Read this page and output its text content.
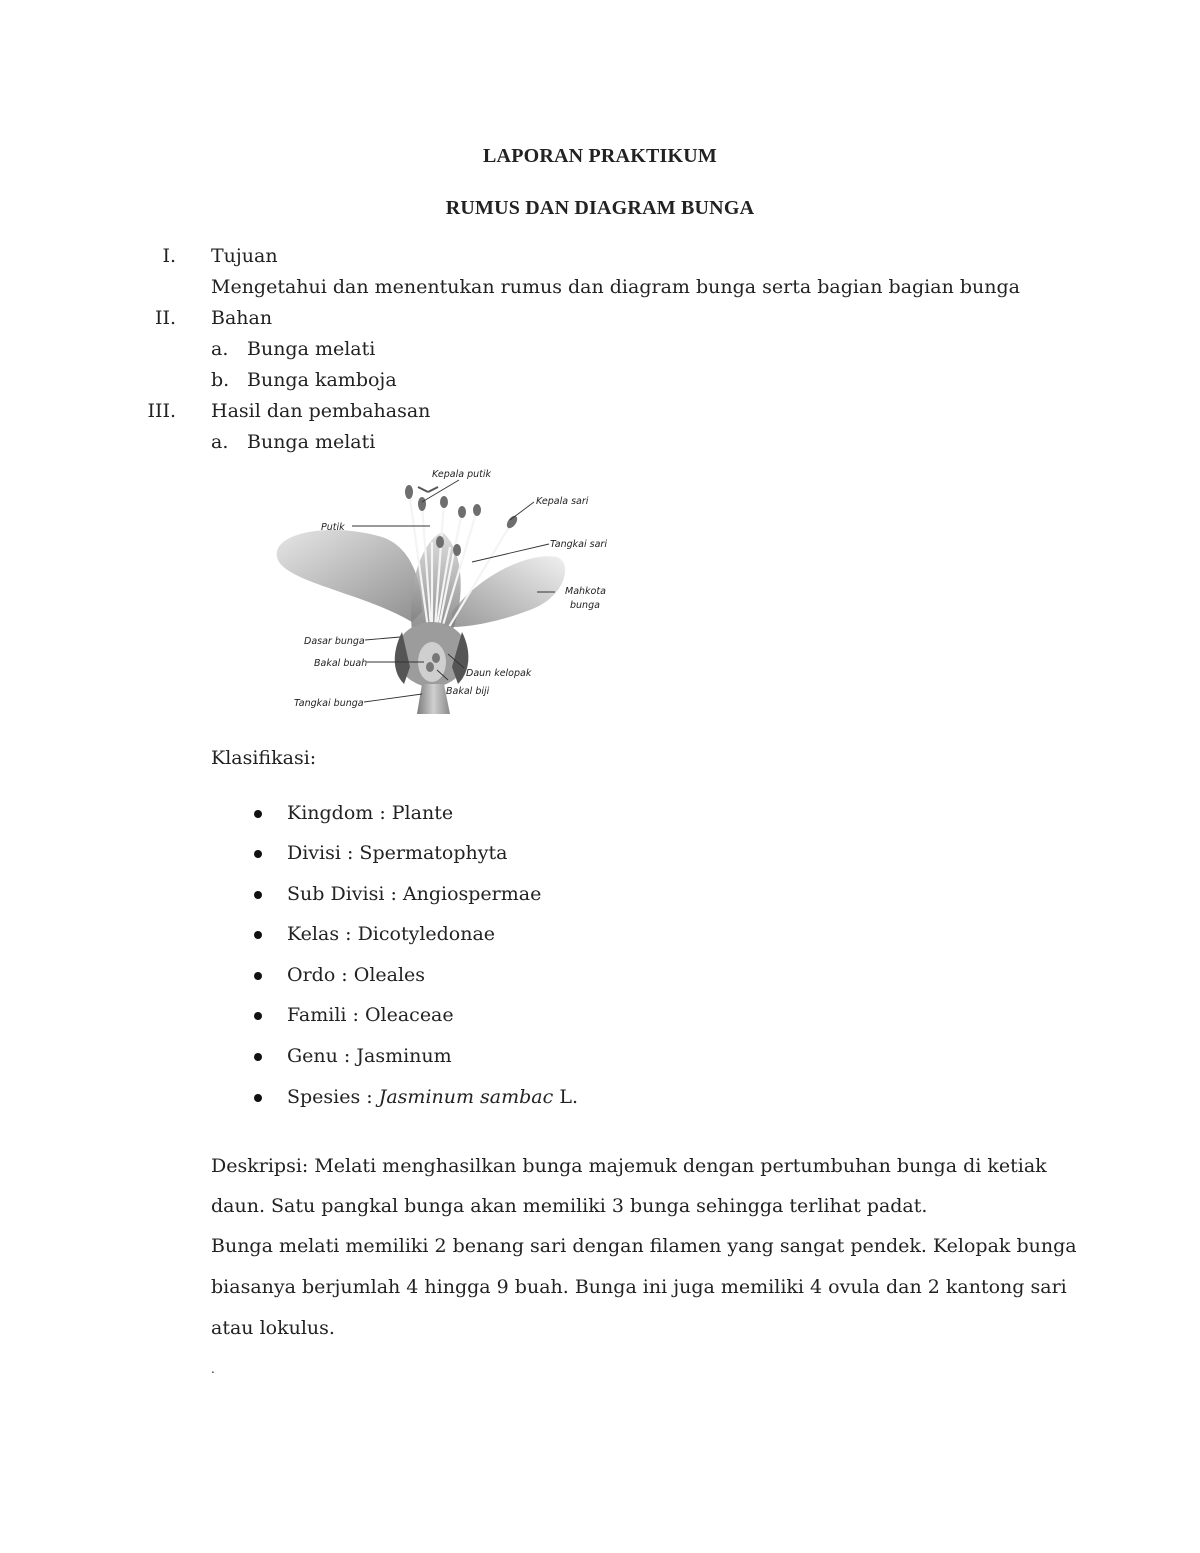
LAPORAN PRAKTIKUM
RUMUS DAN DIAGRAM BUNGA
I. Tujuan
Mengetahui dan menentukan rumus dan diagram bunga serta bagian bagian bunga
II. Bahan
a. Bunga melati
b. Bunga kamboja
III. Hasil dan pembahasan
a. Bunga melati
Kepala putik
Kepala sari
Putik
Tangkai sari
Mahkota
bunga
Dasar bunga
Bakal buah
Daun kelopak
Bakal biji
Tangkai bunga
Klasifikasi:
Kingdom : Plante
Divisi : Spermatophyta
Sub Divisi : Angiospermae
Kelas : Dicotyledonae
Ordo : Oleales
Famili : Oleaceae
Genu : Jasminum
Spesies : Jasminum sambac L.
Deskripsi: Melati menghasilkan bunga majemuk dengan pertumbuhan bunga di ketiak
daun. Satu pangkal bunga akan memiliki 3 bunga sehingga terlihat padat.
Bunga melati memiliki 2 benang sari dengan filamen yang sangat pendek. Kelopak bunga
biasanya berjumlah 4 hingga 9 buah. Bunga ini juga memiliki 4 ovula dan 2 kantong sari
atau lokulus.
.
